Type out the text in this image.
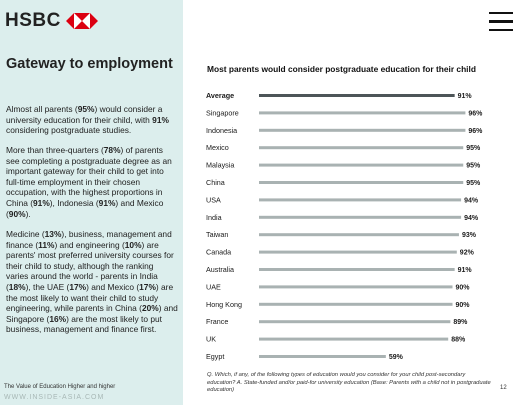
HSBC
Gateway to employment
Almost all parents (95%) would consider a university education for their child, with 91% considering postgraduate studies.
More than three-quarters (78%) of parents see completing a postgraduate degree as an important gateway for their child to get into full-time employment in their chosen occupation, with the highest proportions in China (91%), Indonesia (91%) and Mexico (90%).
Medicine (13%), business, management and finance (11%) and engineering (10%) are parents' most preferred university courses for their child to study, although the ranking varies around the world - parents in India (18%), the UAE (17%) and Mexico (17%) are the most likely to want their child to study engineering, while parents in China (20%) and Singapore (16%) are the most likely to put business, management and finance first.
The Value of Education Higher and higher
WWW.INSIDE-ASIA.COM
Most parents would consider postgraduate education for their child
Average	91%
Singapore	96%
Indonesia	96%
Mexico	95%
Malaysia	95%
China	95%
USA	94%
India	94%
Taiwan	93%
Canada	92%
Australia	91%
UAE	90%
Hong Kong	90%
France	89%
UK	88%
Egypt	59%
Q. Which, if any, of the following types of education would you consider for your child post-secondary education? A. State-funded and/or paid-for university education (Base: Parents with a child not in postgraduate education)	12
